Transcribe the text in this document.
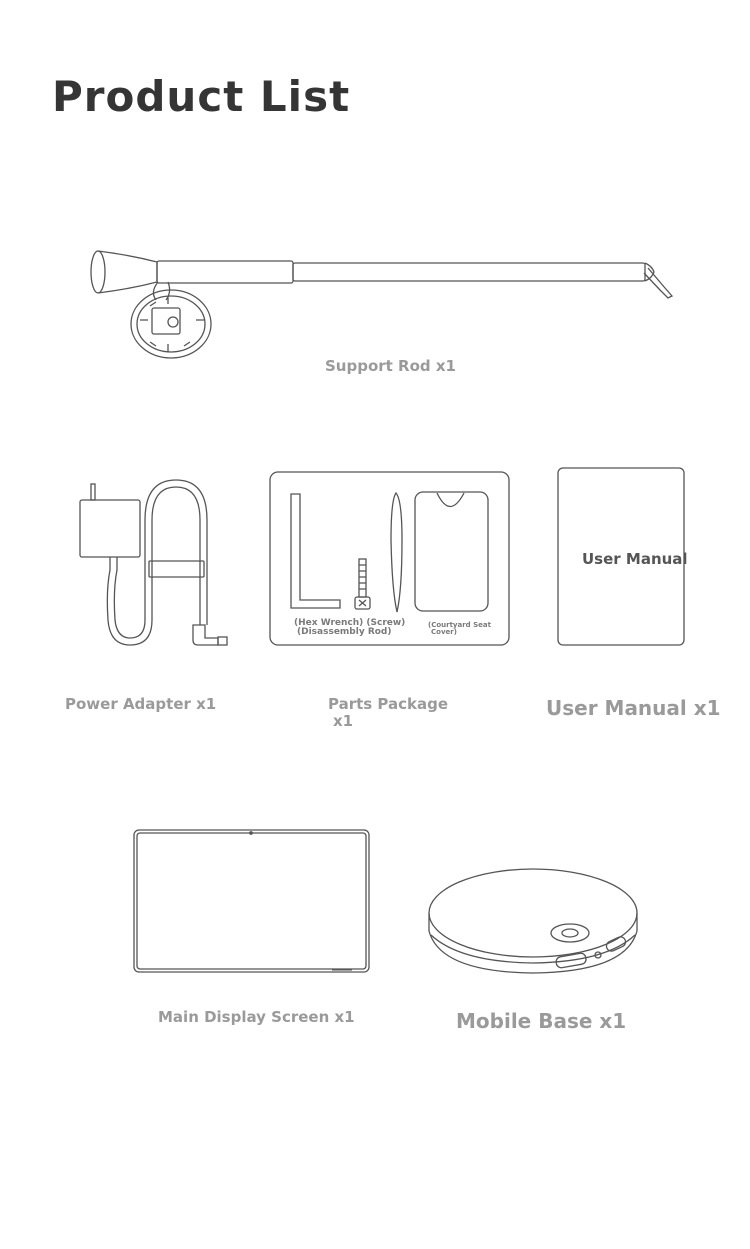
Product List
Support Rod x1
Power Adapter x1
(Hex Wrench) (Screw)
(Disassembly Rod)
(Courtyard Seat
Cover)
Parts Package
x1
User Manual
User Manual x1
Main Display Screen x1	Mobile Base x1
